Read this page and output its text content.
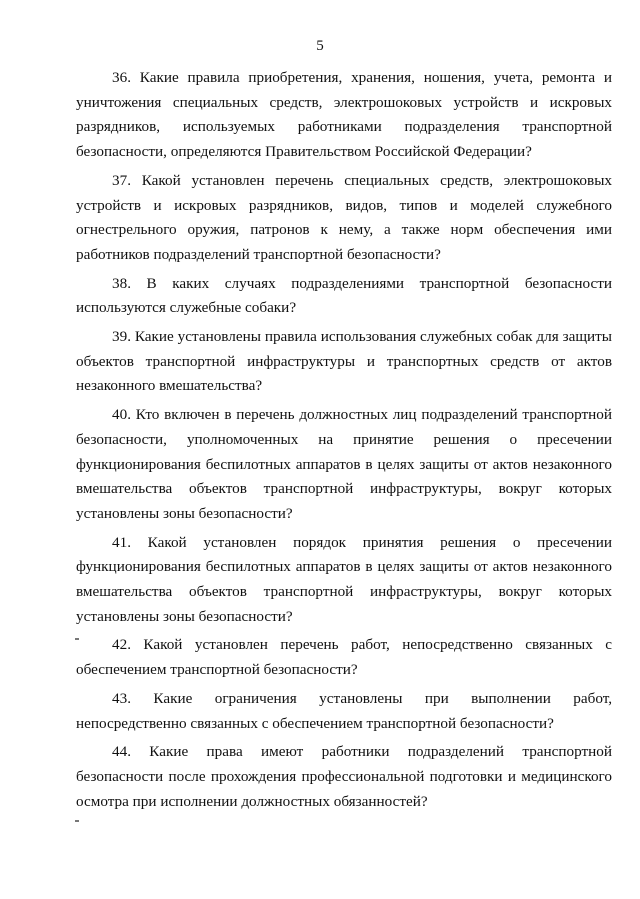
5

36. Какие правила приобретения, хранения, ношения, учета, ремонта и уничтожения специальных средств, электрошоковых устройств и искровых разрядников, используемых работниками подразделения транспортной безопасности, определяются Правительством Российской Федерации?

37. Какой установлен перечень специальных средств, электрошоковых устройств и искровых разрядников, видов, типов и моделей служебного огнестрельного оружия, патронов к нему, а также норм обеспечения ими работников подразделений транспортной безопасности?

38. В каких случаях подразделениями транспортной безопасности используются служебные собаки?

39. Какие установлены правила использования служебных собак для защиты объектов транспортной инфраструктуры и транспортных средств от актов незаконного вмешательства?

40. Кто включен в перечень должностных лиц подразделений транспортной безопасности, уполномоченных на принятие решения о пресечении функционирования беспилотных аппаратов в целях защиты от актов незаконного вмешательства объектов транспортной инфраструктуры, вокруг которых установлены зоны безопасности?

41. Какой установлен порядок принятия решения о пресечении функционирования беспилотных аппаратов в целях защиты от актов незаконного вмешательства объектов транспортной инфраструктуры, вокруг которых установлены зоны безопасности?

42. Какой установлен перечень работ, непосредственно связанных с обеспечением транспортной безопасности?

43. Какие ограничения установлены при выполнении работ, непосредственно связанных с обеспечением транспортной безопасности?

44. Какие права имеют работники подразделений транспортной безопасности после прохождения профессиональной подготовки и медицинского осмотра при исполнении должностных обязанностей?
